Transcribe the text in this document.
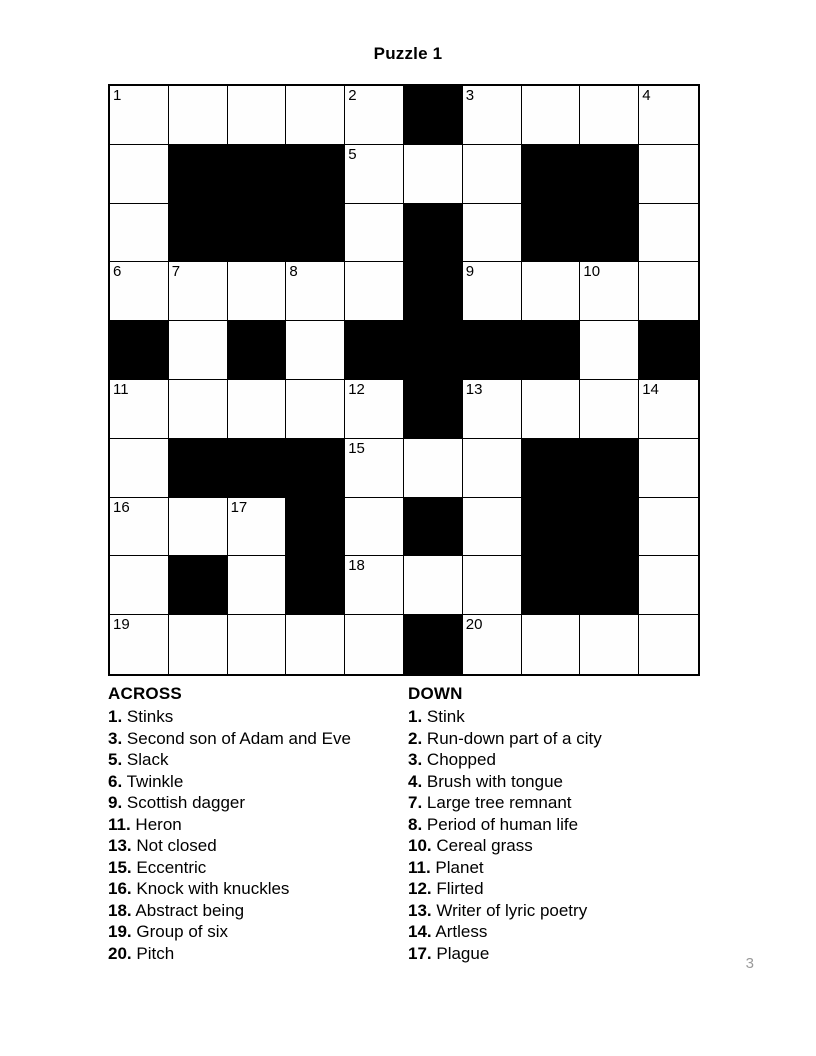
Puzzle 1
1	2	3	4
5
6	7	8	9	10
11	12	13	14
15
16	17
18
19	20
ACROSS
1. Stinks
3. Second son of Adam and Eve
5. Slack
6. Twinkle
9. Scottish dagger
11. Heron
13. Not closed
15. Eccentric
16. Knock with knuckles
18. Abstract being
19. Group of six
20. Pitch
DOWN
1. Stink
2. Run-down part of a city
3. Chopped
4. Brush with tongue
7. Large tree remnant
8. Period of human life
10. Cereal grass
11. Planet
12. Flirted
13. Writer of lyric poetry
14. Artless
17. Plague
3
